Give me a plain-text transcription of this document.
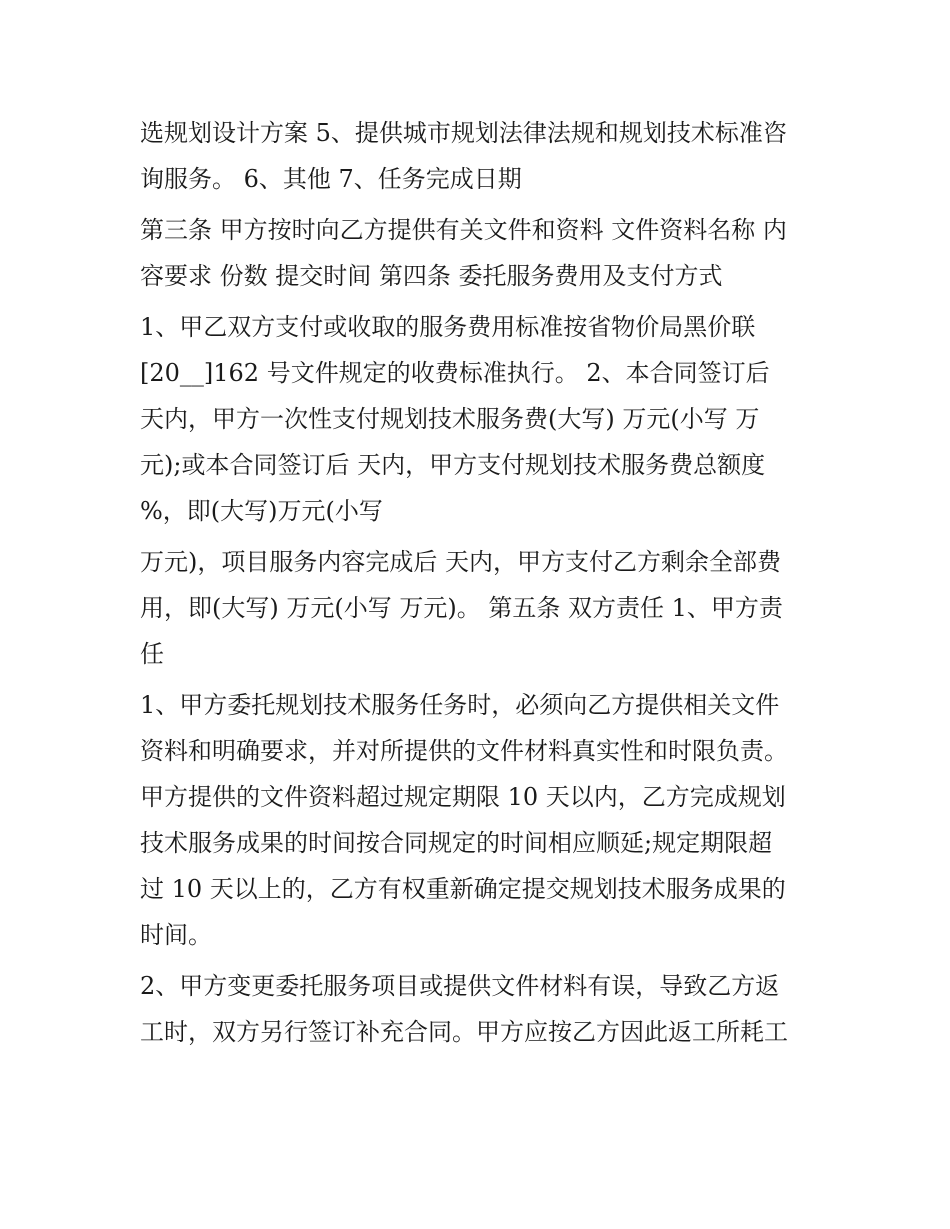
选规划设计方案 5、提供城市规划法律法规和规划技术标准咨
询服务。 6、其他 7、任务完成日期
第三条 甲方按时向乙方提供有关文件和资料 文件资料名称 内
容要求 份数 提交时间 第四条 委托服务费用及支付方式
1、甲乙双方支付或收取的服务费用标准按省物价局黑价联
[20__]162 号文件规定的收费标准执行。 2、本合同签订后
天内，甲方一次性支付规划技术服务费(大写) 万元(小写 万
元);或本合同签订后 天内，甲方支付规划技术服务费总额度
%，即(大写)万元(小写
万元)，项目服务内容完成后 天内，甲方支付乙方剩余全部费
用，即(大写) 万元(小写 万元)。 第五条 双方责任 1、甲方责
任
1、甲方委托规划技术服务任务时，必须向乙方提供相关文件
资料和明确要求，并对所提供的文件材料真实性和时限负责。
甲方提供的文件资料超过规定期限 10 天以内，乙方完成规划
技术服务成果的时间按合同规定的时间相应顺延;规定期限超
过 10 天以上的，乙方有权重新确定提交规划技术服务成果的
时间。
2、甲方变更委托服务项目或提供文件材料有误，导致乙方返
工时，双方另行签订补充合同。甲方应按乙方因此返工所耗工
